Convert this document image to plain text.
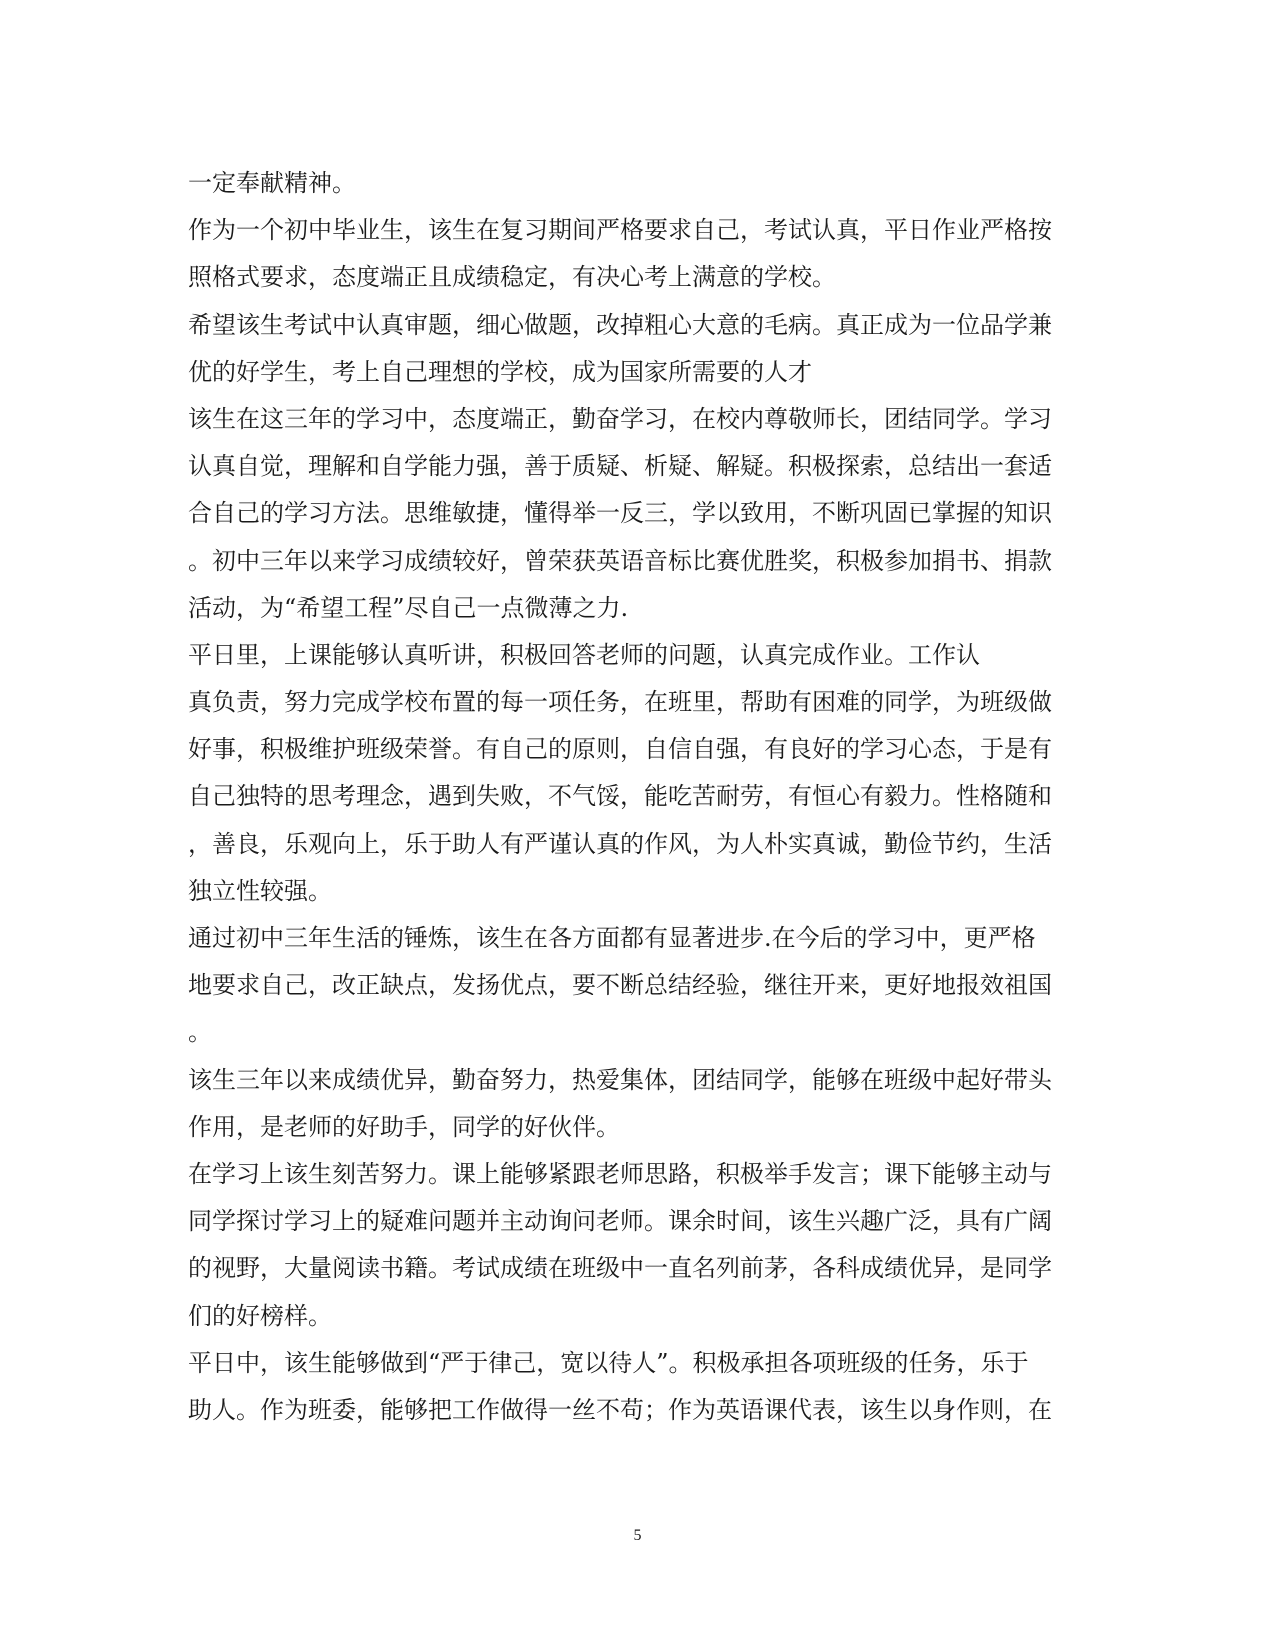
一定奉献精神。
作为一个初中毕业生，该生在复习期间严格要求自己，考试认真，平日作业严格按
照格式要求，态度端正且成绩稳定，有决心考上满意的学校。
希望该生考试中认真审题，细心做题，改掉粗心大意的毛病。真正成为一位品学兼
优的好学生，考上自己理想的学校，成为国家所需要的人才
该生在这三年的学习中，态度端正，勤奋学习，在校内尊敬师长，团结同学。学习
认真自觉，理解和自学能力强，善于质疑、析疑、解疑。积极探索，总结出一套适
合自己的学习方法。思维敏捷，懂得举一反三，学以致用，不断巩固已掌握的知识
。初中三年以来学习成绩较好，曾荣获英语音标比赛优胜奖，积极参加捐书、捐款
活动，为“希望工程”尽自己一点微薄之力.
平日里，上课能够认真听讲，积极回答老师的问题，认真完成作业。工作认
真负责，努力完成学校布置的每一项任务，在班里，帮助有困难的同学，为班级做
好事，积极维护班级荣誉。有自己的原则，自信自强，有良好的学习心态，于是有
自己独特的思考理念，遇到失败，不气馁，能吃苦耐劳，有恒心有毅力。性格随和
，善良，乐观向上，乐于助人有严谨认真的作风，为人朴实真诚，勤俭节约，生活
独立性较强。
通过初中三年生活的锤炼，该生在各方面都有显著进步.在今后的学习中，更严格
地要求自己，改正缺点，发扬优点，要不断总结经验，继往开来，更好地报效祖国
。
该生三年以来成绩优异，勤奋努力，热爱集体，团结同学，能够在班级中起好带头
作用，是老师的好助手，同学的好伙伴。
在学习上该生刻苦努力。课上能够紧跟老师思路，积极举手发言；课下能够主动与
同学探讨学习上的疑难问题并主动询问老师。课余时间，该生兴趣广泛，具有广阔
的视野，大量阅读书籍。考试成绩在班级中一直名列前茅，各科成绩优异，是同学
们的好榜样。
平日中，该生能够做到“严于律己，宽以待人”。积极承担各项班级的任务，乐于
助人。作为班委，能够把工作做得一丝不苟；作为英语课代表，该生以身作则，在
5
